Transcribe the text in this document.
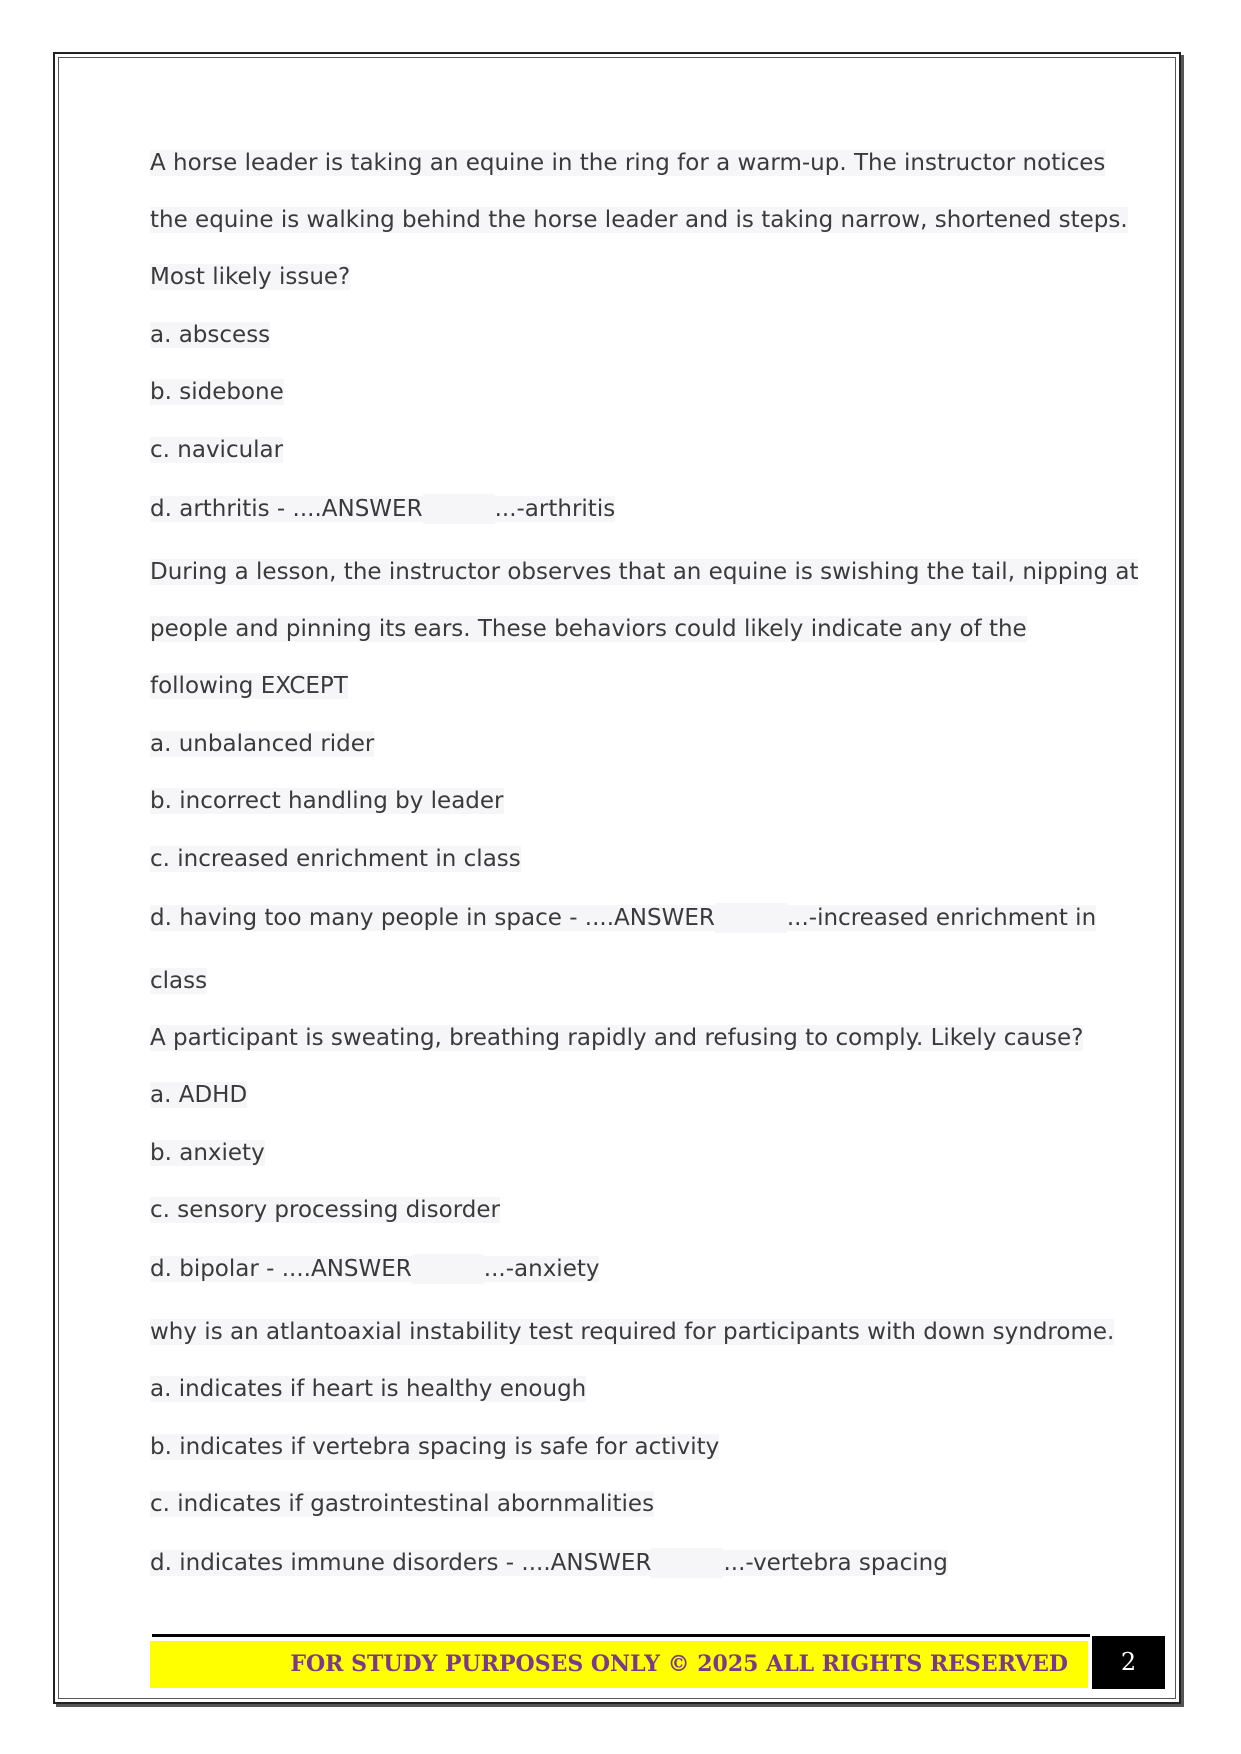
A horse leader is taking an equine in the ring for a warm-up. The instructor notices
the equine is walking behind the horse leader and is taking narrow, shortened steps.
Most likely issue?
a. abscess
b. sidebone
c. navicular
d. arthritis - ....ANSWER	...-arthritis
During a lesson, the instructor observes that an equine is swishing the tail, nipping at
people and pinning its ears. These behaviors could likely indicate any of the
following EXCEPT
a. unbalanced rider
b. incorrect handling by leader
c. increased enrichment in class
d. having too many people in space - ....ANSWER	...-increased enrichment in
class
A participant is sweating, breathing rapidly and refusing to comply. Likely cause?
a. ADHD
b. anxiety
c. sensory processing disorder
d. bipolar - ....ANSWER	...-anxiety
why is an atlantoaxial instability test required for participants with down syndrome.
a. indicates if heart is healthy enough
b. indicates if vertebra spacing is safe for activity
c. indicates if gastrointestinal abornmalities
d. indicates immune disorders - ....ANSWER	...-vertebra spacing
FOR STUDY PURPOSES ONLY © 2025 ALL RIGHTS RESERVED	2
